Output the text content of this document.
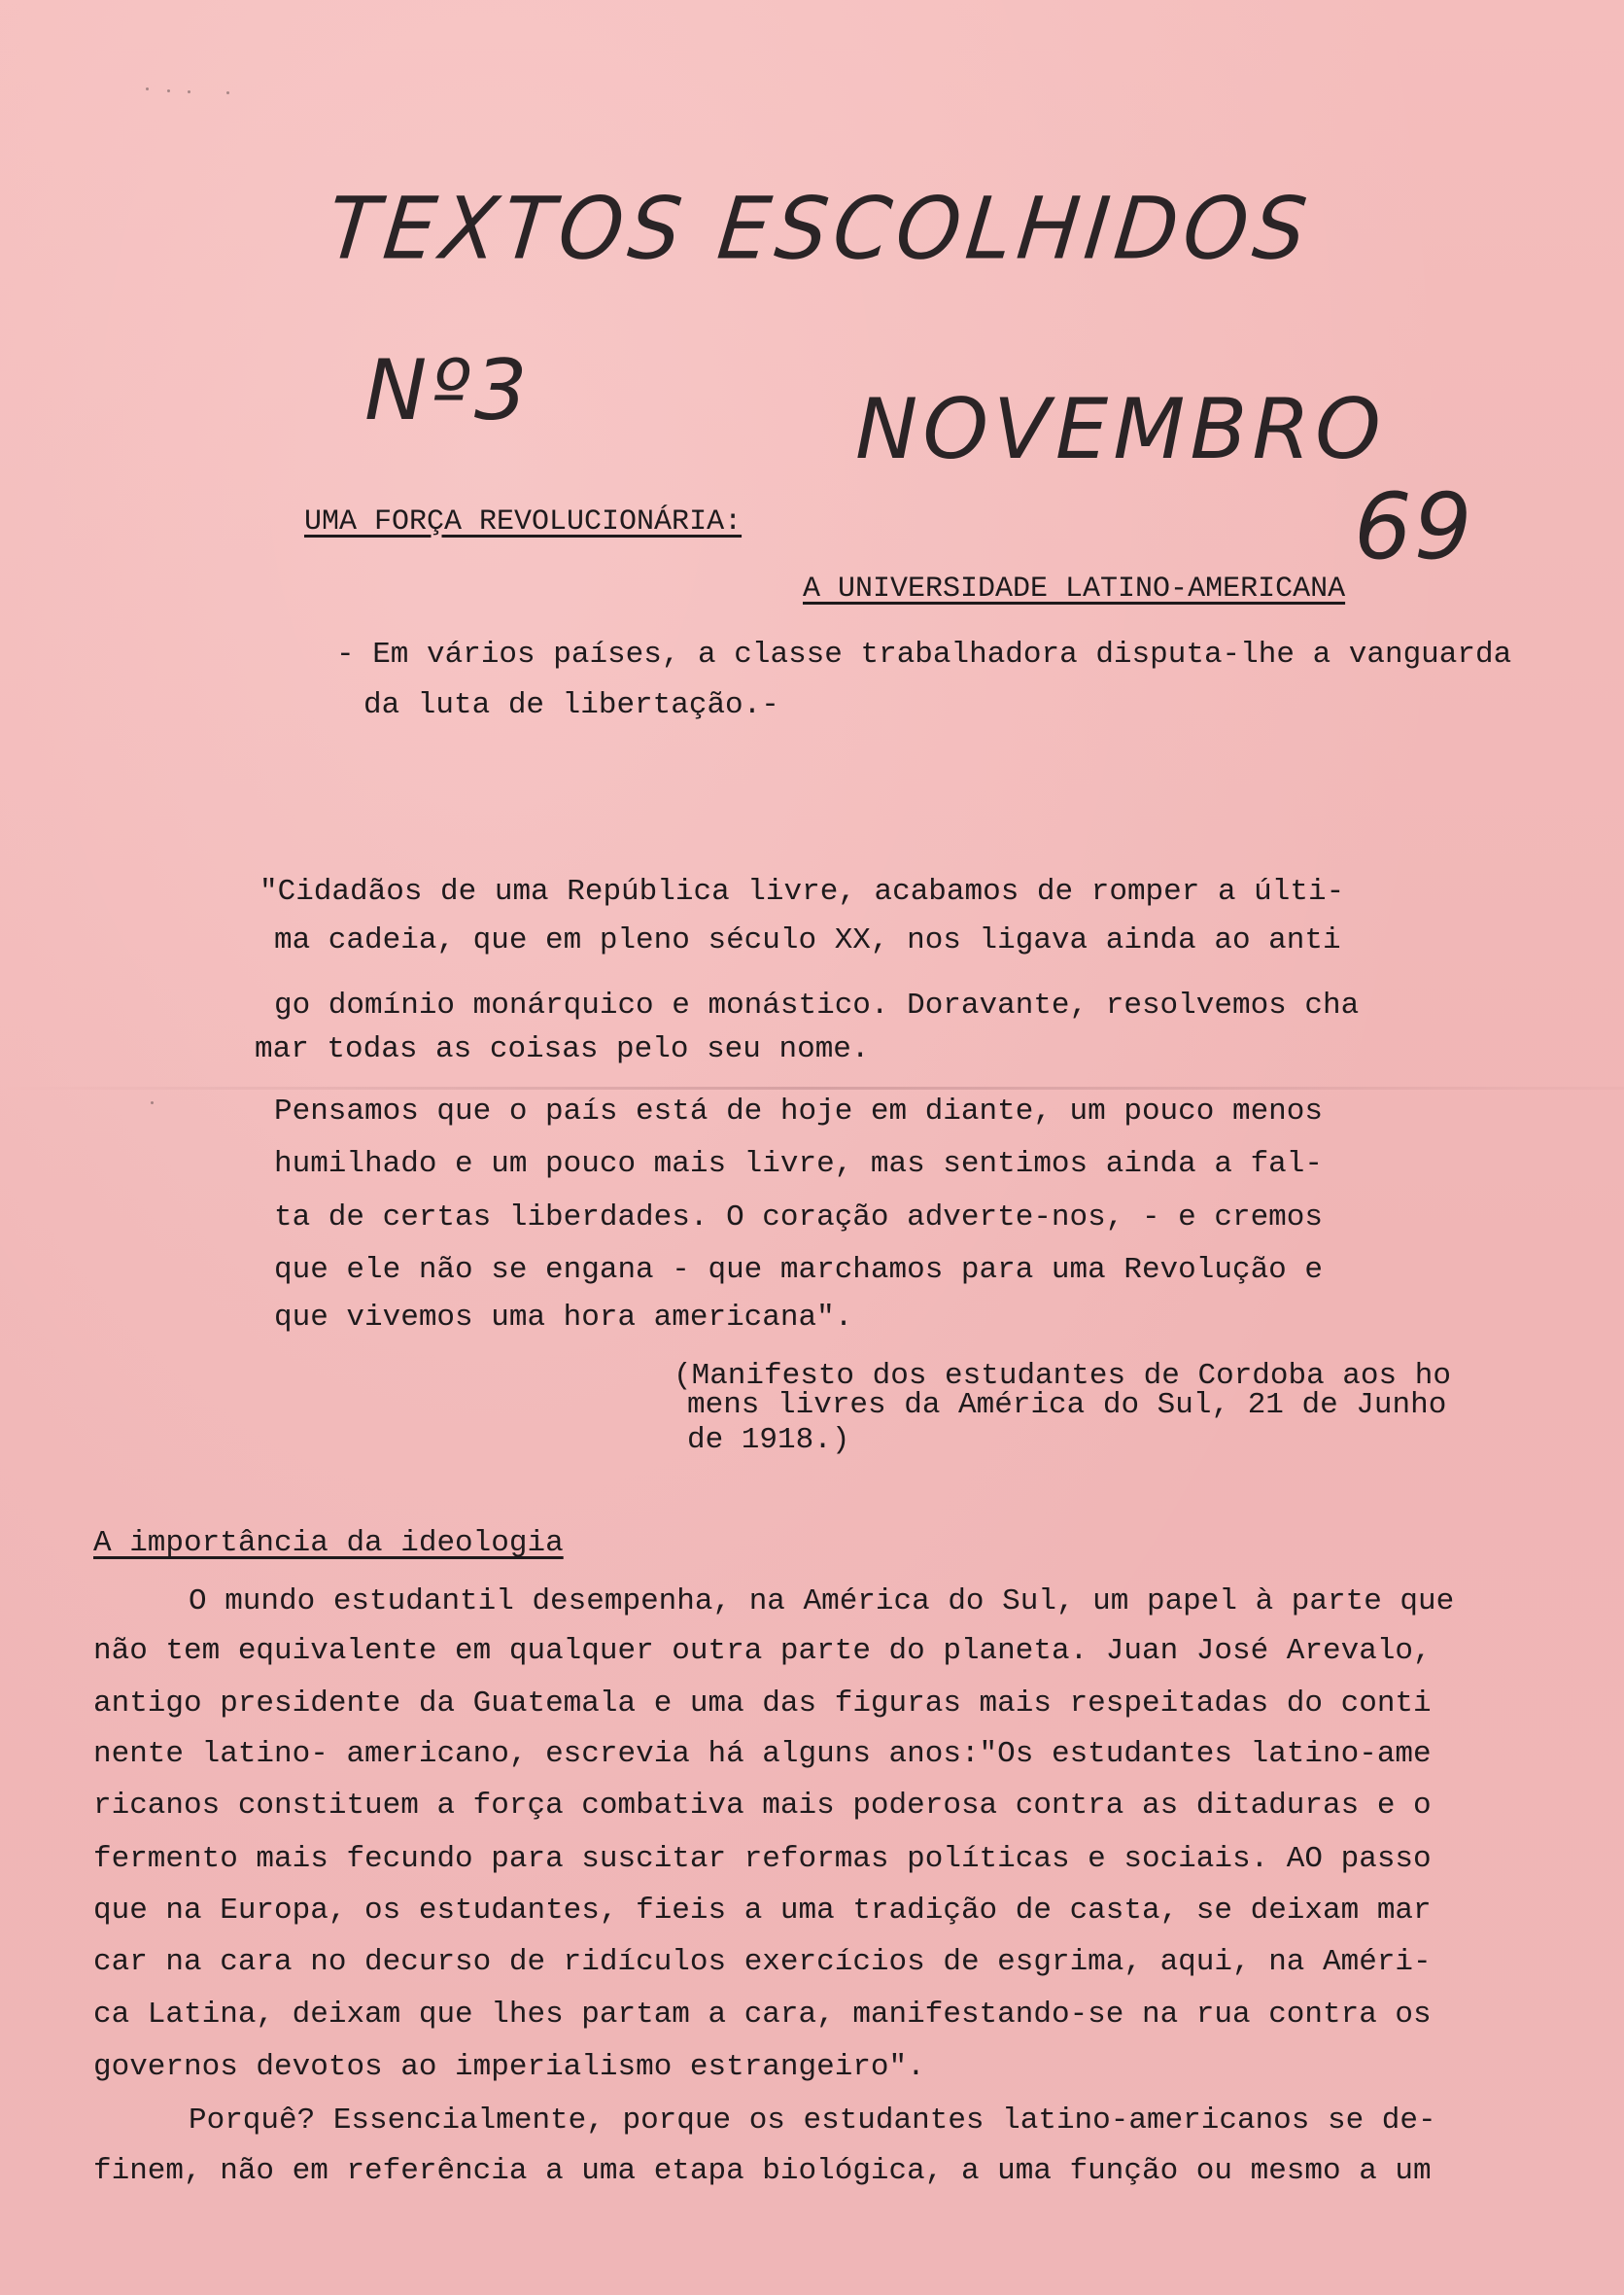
TEXTOS ESCOLHIDOS
Nº3	NOVEMBRO
69
UMA FORÇA REVOLUCIONÁRIA:
A UNIVERSIDADE LATINO-AMERICANA
- Em vários países, a classe trabalhadora disputa-lhe a vanguarda
da luta de libertação.-
"Cidadãos de uma República livre, acabamos de romper a últi-
ma cadeia, que em pleno século XX, nos ligava ainda ao anti
go domínio monárquico e monástico. Doravante, resolvemos cha
mar todas as coisas pelo seu nome.
Pensamos que o país está de hoje em diante, um pouco menos
humilhado e um pouco mais livre, mas sentimos ainda a fal-
ta de certas liberdades. O coração adverte-nos, - e cremos
que ele não se engana - que marchamos para uma Revolução e
que vivemos uma hora americana".
(Manifesto dos estudantes de Cordoba aos ho
mens livres da América do Sul, 21 de Junho
de 1918.)
A importância da ideologia
O mundo estudantil desempenha, na América do Sul, um papel à parte que
não tem equivalente em qualquer outra parte do planeta. Juan José Arevalo,
antigo presidente da Guatemala e uma das figuras mais respeitadas do conti
nente latino- americano, escrevia há alguns anos:"Os estudantes latino-ame
ricanos constituem a força combativa mais poderosa contra as ditaduras e o
fermento mais fecundo para suscitar reformas políticas e sociais. AO passo
que na Europa, os estudantes, fieis a uma tradição de casta, se deixam mar
car na cara no decurso de ridículos exercícios de esgrima, aqui, na Améri-
ca Latina, deixam que lhes partam a cara, manifestando-se na rua contra os
governos devotos ao imperialismo estrangeiro".
Porquê? Essencialmente, porque os estudantes latino-americanos se de-
finem, não em referência a uma etapa biológica, a uma função ou mesmo a um
